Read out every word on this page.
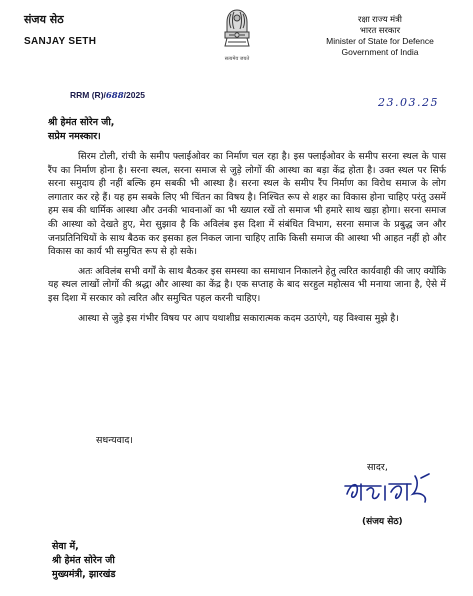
संजय सेठ
SANJAY SETH
सत्यमेव जयते
रक्षा राज्य मंत्री
भारत सरकार
Minister of State for Defence
Government of India
RRM (R)/688/2025
23.03.25
श्री हेमंत सोरेन जी,
सप्रेम नमस्कार।

सिरम टोली, रांची के समीप फ्लाईओवर का निर्माण चल रहा है। इस फ्लाईओवर के समीप सरना स्थल के पास रैंप का निर्माण होना है। सरना स्थल, सरना समाज से जुड़े लोगों की आस्था का बड़ा केंद्र होता है। उक्त स्थल पर सिर्फ सरना समुदाय ही नहीं बल्कि हम सबकी भी आस्था है। सरना स्थल के समीप रैंप निर्माण का विरोध समाज के लोग लगातार कर रहे हैं। यह हम सबके लिए भी चिंतन का विषय है। निश्चित रूप से शहर का विकास होना चाहिए परंतु उसमें हम सब की धार्मिक आस्था और उनकी भावनाओं का भी ख्याल रखें तो समाज भी हमारे साथ खड़ा होगा। सरना समाज की आस्था को देखते हुए, मेरा सुझाव है कि अविलंब इस दिशा में संबंधित विभाग, सरना समाज के प्रबुद्ध जन और जनप्रतिनिधियों के साथ बैठक कर इसका हल निकल जाना चाहिए ताकि किसी समाज की आस्था भी आहत नहीं हो और विकास का कार्य भी समुचित रूप से हो सके।

अतः अविलंब सभी वर्गों के साथ बैठकर इस समस्या का समाधान निकालने हेतु त्वरित कार्यवाही की जाए क्योंकि यह स्थल लाखों लोगों की श्रद्धा और आस्था का केंद्र है। एक सप्ताह के बाद सरहुल महोत्सव भी मनाया जाना है, ऐसे में इस दिशा में सरकार को त्वरित और समुचित पहल करनी चाहिए।

आस्था से जुड़े इस गंभीर विषय पर आप यथाशीघ्र सकारात्मक कदम उठाएंगे, यह विश्वास मुझे है।

सधन्यवाद।
सादर,
(संजय सेठ)
सेवा में,
श्री हेमंत सोरेन जी
मुख्यमंत्री, झारखंड
